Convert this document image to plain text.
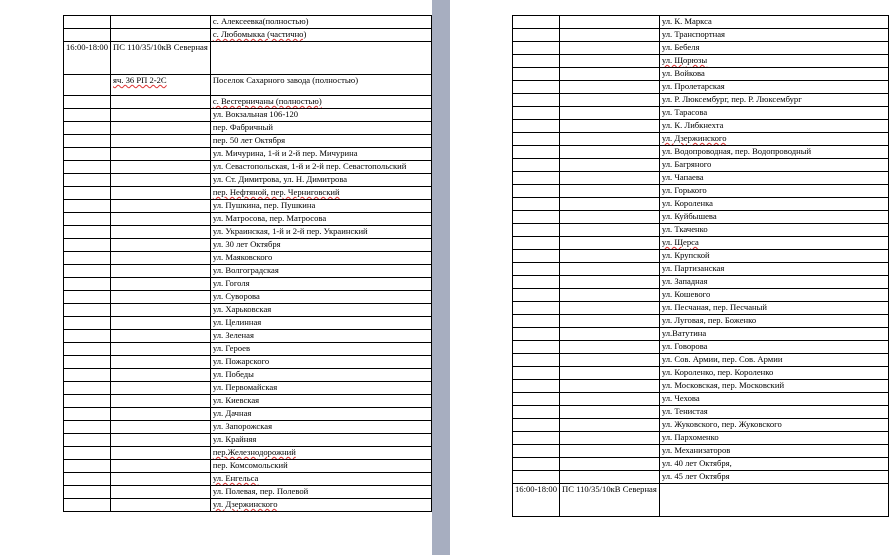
		с. Алексеевка(полностью)
		с. Любомыкка (частично)
16:00-18:00	ПС 110/35/10кВ Северная	
	яч. 36 РП 2-2С	Поселок Сахарного завода (полностью)
		с. Весгерничаны (полностью)
		ул. Вокзальная 106-120
		пер. Фабричный
		пер. 50 лет Октября
		ул. Мичурина, 1-й и 2-й пер. Мичурина
		ул. Севастопольская, 1-й и 2-й пер. Севастопольский
		ул. Ст. Димитрова, ул. Н. Димитрова
		пер. Нефтяной, пер. Черниговский
		ул. Пушкина, пер. Пушкина
		ул. Матросова, пер. Матросова
		ул. Украинская, 1-й и 2-й пер. Украинский
		ул. 30 лет Октября
		ул. Маяковского
		ул. Волгоградская
		ул. Гоголя
		ул. Суворова
		ул. Харьковская
		ул. Целинная
		ул. Зеленая
		ул. Героев
		ул. Пожарского
		ул. Победы
		ул. Первомайская
		ул. Киевская
		ул. Дачная
		ул. Запорожская
		ул. Крайняя
		пер.Железнодорожний
		пер. Комсомольский
		ул. Енгельса
		ул. Полевая, пер. Полевой
		ул. Дзержинского
		ул. К. Маркса
		ул. Транспортная
		ул. Бебеля
		ул. Щорюзы
		ул. Войкова
		ул. Пролетарская
		ул. Р. Люксембург, пер. Р. Люксембург
		ул. Тарасова
		ул. К. Либкнехта
		ул. Дзержинского
		ул. Водопроводная, пер. Водопроводный
		ул. Багряного
		ул. Чапаева
		ул. Горького
		ул. Короленка
		ул. Куйбышева
		ул. Ткаченко
		ул. Щерса
		ул. Крупской
		ул. Партизанская
		ул. Западная
		ул. Кошевого
		ул. Песчаная, пер. Песчаный
		ул. Луговая, пер. Боженко
		ул.Ватутина
		ул. Говорова
		ул. Сов. Армии, пер. Сов. Армии
		ул. Короленко, пер. Короленко
		ул. Московская, пер. Московский
		ул. Чехова
		ул. Тенистая
		ул. Жуковского, пер. Жуковского
		ул. Пархоменко
		ул. Механизаторов
		ул. 40 лет Октября,
		ул. 45 лет Октября
16:00-18:00	ПС 110/35/10кВ Северная	
